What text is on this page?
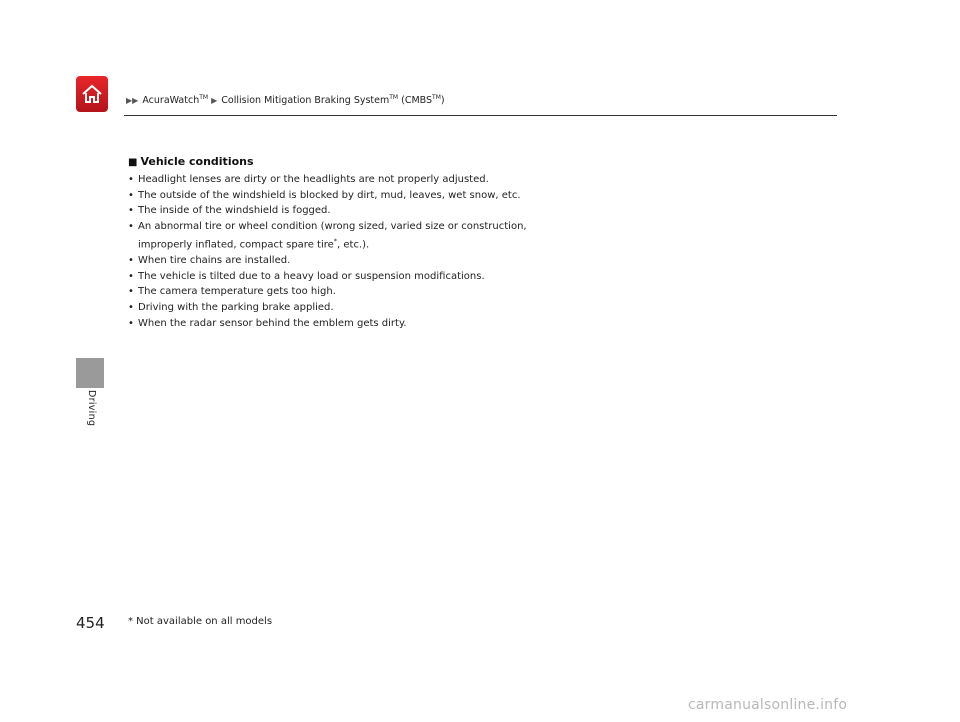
▶▶ AcuraWatch™ ▶ Collision Mitigation Braking System™ (CMBS™)
Driving
■ Vehicle conditions
• Headlight lenses are dirty or the headlights are not properly adjusted.
• The outside of the windshield is blocked by dirt, mud, leaves, wet snow, etc.
• The inside of the windshield is fogged.
• An abnormal tire or wheel condition (wrong sized, varied size or construction,
improperly inflated, compact spare tire*, etc.).
• When tire chains are installed.
• The vehicle is tilted due to a heavy load or suspension modifications.
• The camera temperature gets too high.
• Driving with the parking brake applied.
• When the radar sensor behind the emblem gets dirty.
454 * Not available on all models
carmanualsonline.info
